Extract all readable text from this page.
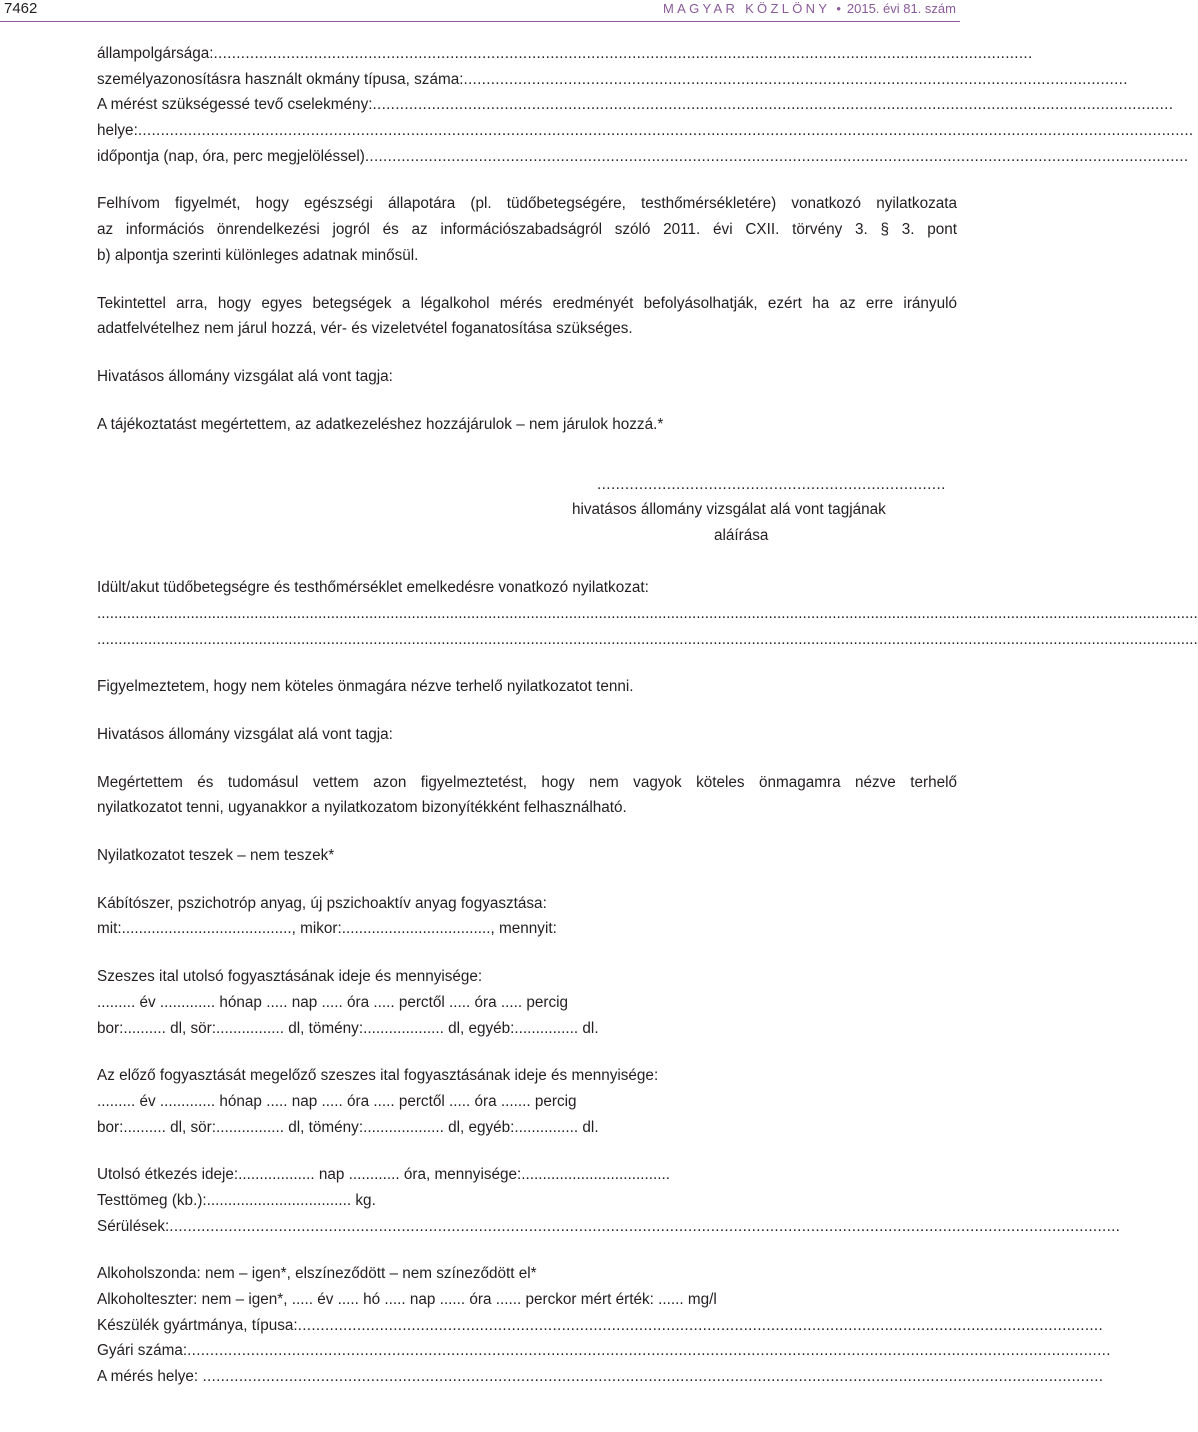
7462	MAGYAR KÖZLÖNY • 2015. évi 81. szám
állampolgársága: ....................................................................................................................................................................................
személyazonosításra használt okmány típusa, száma: ..................................................................................................................................................
A mérést szükségessé tevő cselekmény: ................................................................................................................................................................................
helye: ........................................................................................................................................................................................................................................
időpontja (nap, óra, perc megjelöléssel) .....................................................................................................................................................................................
Felhívom figyelmét, hogy egészségi állapotára (pl. tüdőbetegségére, testhőmérsékletére) vonatkozó nyilatkozata
az információs önrendelkezési jogról és az információszabadságról szóló 2011. évi CXII. törvény 3. § 3. pont
b) alpontja szerinti különleges adatnak minősül.
Tekintettel arra, hogy egyes betegségek a légalkohol mérés eredményét befolyásolhatják, ezért ha az erre irányuló
adatfelvételhez nem járul hozzá, vér- és vizeletvétel foganatosítása szükséges.
Hivatásos állomány vizsgálat alá vont tagja:
A tájékoztatást megértettem, az adatkezeléshez hozzájárulok – nem járulok hozzá.*
...........................................................................
hivatásos állomány vizsgálat alá vont tagjának
aláírása
Idült/akut tüdőbetegségre és testhőmérséklet emelkedésre vonatkozó nyilatkozat:
...................................................................................................................................................................................................................................................................
...................................................................................................................................................................................................................................................................
Figyelmeztetem, hogy nem köteles önmagára nézve terhelő nyilatkozatot tenni.
Hivatásos állomány vizsgálat alá vont tagja:
Megértettem és tudomásul vettem azon figyelmeztetést, hogy nem vagyok köteles önmagamra nézve terhelő
nyilatkozatot tenni, ugyanakkor a nyilatkozatom bizonyítékként felhasználható.
Nyilatkozatot teszek – nem teszek*
Kábítószer, pszichotróp anyag, új pszichoaktív anyag fogyasztása:
mit:........................................, mikor:..................................., mennyit:
Szeszes ital utolsó fogyasztásának ideje és mennyisége:
......... év ............. hónap ..... nap ..... óra ..... perctől ..... óra ..... percig
bor:.......... dl, sör:................ dl, tömény:................... dl, egyéb:............... dl.
Az előző fogyasztását megelőző szeszes ital fogyasztásának ideje és mennyisége:
......... év ............. hónap ..... nap ..... óra ..... perctől ..... óra ....... percig
bor:.......... dl, sör:................ dl, tömény:................... dl, egyéb:............... dl.
Utolsó étkezés ideje:.................. nap ............ óra, mennyisége:...................................
Testtömeg (kb.):.................................. kg.
Sérülések: .................................................................................................................................................................................................................
Alkoholszonda: nem – igen*, elszíneződött – nem színeződött el*
Alkoholteszter: nem – igen*, ..... év ..... hó ..... nap ...... óra ...... perckor mért érték: ...... mg/l
Készülék gyártmánya, típusa: .................................................................................................................................................................................
Gyári száma: ...........................................................................................................................................................................................................
A mérés helye: ......................................................................................................................................................................................................
